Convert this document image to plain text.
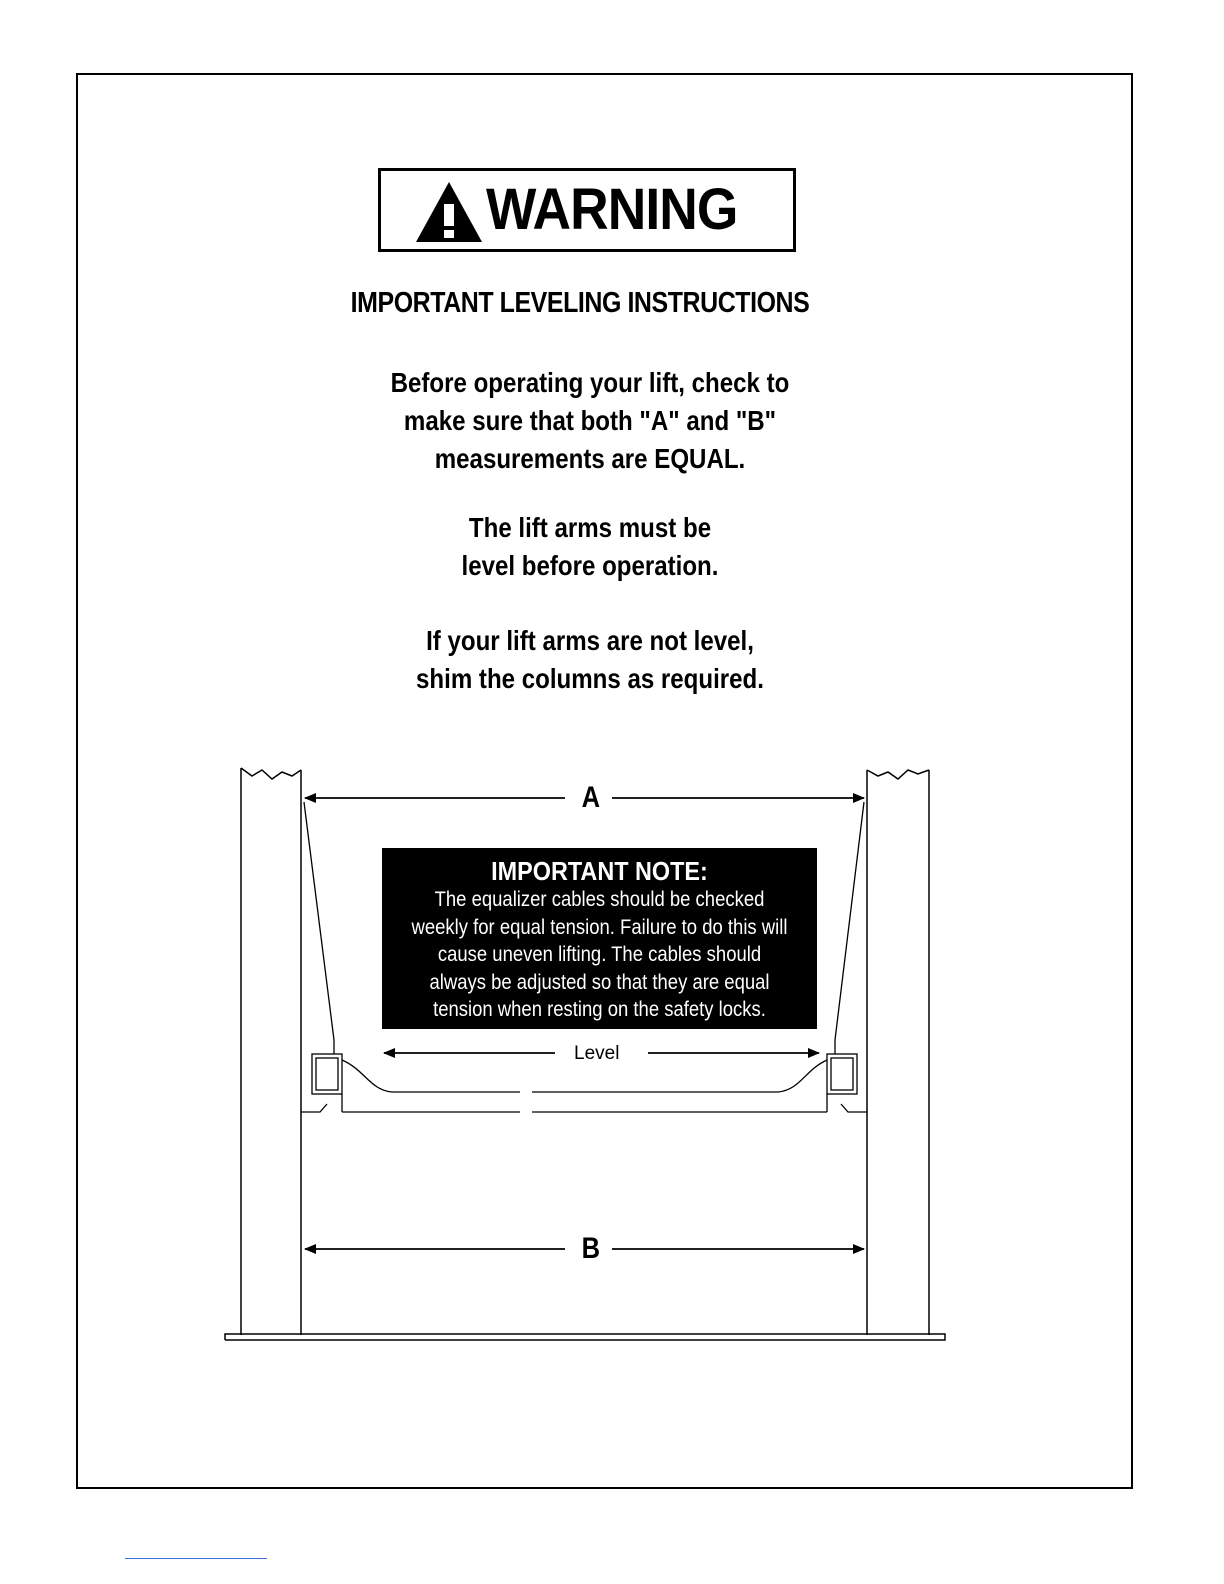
WARNING
IMPORTANT LEVELING INSTRUCTIONS
Before operating your lift, check to
make sure that both "A" and "B"
measurements are EQUAL.
The lift arms must be
level before operation.
If your lift arms are not level,
shim the columns as required.
A
B
Level
IMPORTANT NOTE:
The equalizer cables should be checked
weekly for equal tension. Failure to do this will
cause uneven lifting. The cables should
always be adjusted so that they are equal
tension when resting on the safety locks.
